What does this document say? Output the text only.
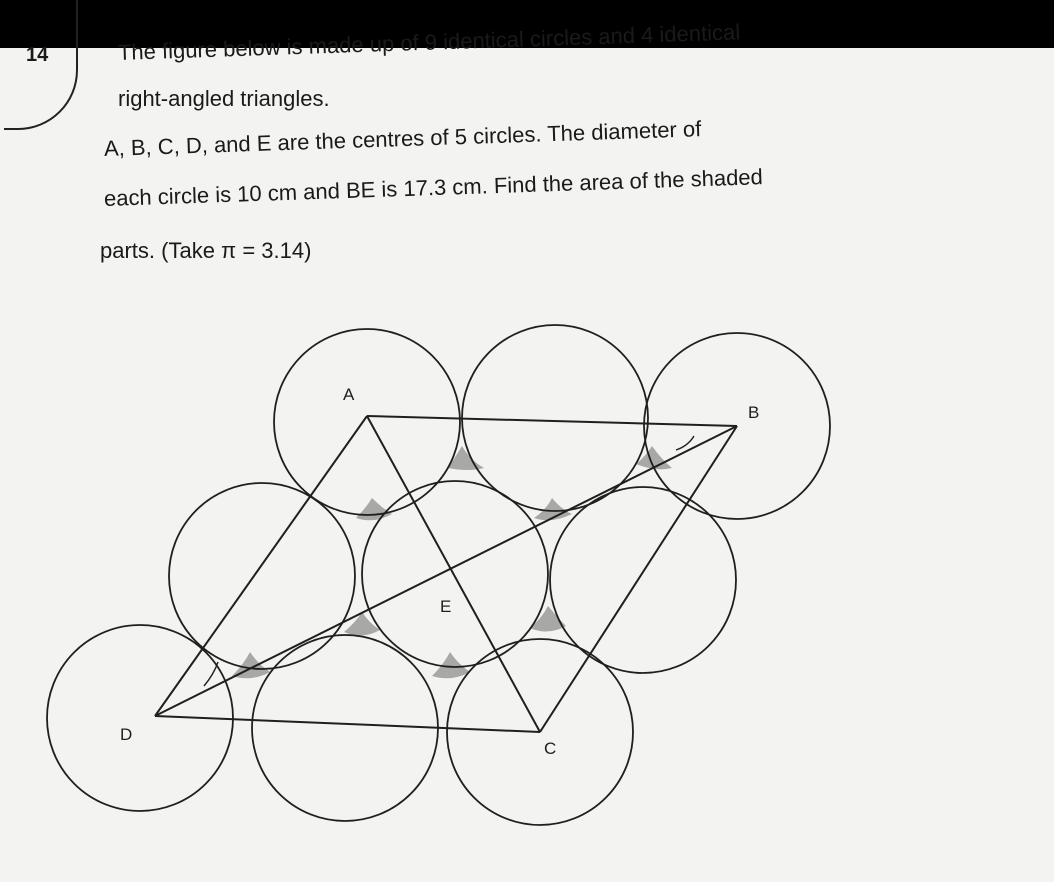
14	The figure below is made up of 9 identical circles and 4 identical
right-angled triangles.
A, B, C, D, and E are the centres of 5 circles. The diameter of
each circle is 10 cm and BE is 17.3 cm. Find the area of the shaded
parts. (Take π = 3.14)
A
B
C
D
E
